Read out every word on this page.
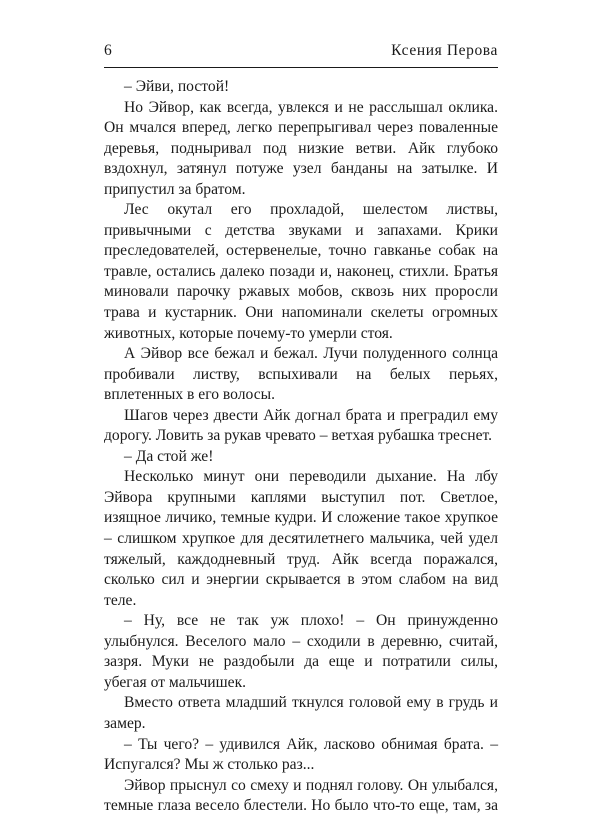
6	Ксения Перова

– Эйви, постой!

Но Эйвор, как всегда, увлекся и не расслышал оклика. Он мчался вперед, легко перепрыгивал через поваленные деревья, подныривал под низкие ветви. Айк глубоко вздохнул, затянул потуже узел банданы на затылке. И припустил за братом.

Лес окутал его прохладой, шелестом листвы, привычными с детства звуками и запахами. Крики преследователей, остервенелые, точно гавканье собак на травле, остались далеко позади и, наконец, стихли. Братья миновали парочку ржавых мобов, сквозь них проросли трава и кустарник. Они напоминали скелеты огромных животных, которые почему-то умерли стоя.

А Эйвор все бежал и бежал. Лучи полуденного солнца пробивали листву, вспыхивали на белых перьях, вплетенных в его волосы.

Шагов через двести Айк догнал брата и преградил ему дорогу. Ловить за рукав чревато – ветхая рубашка треснет.

– Да стой же!

Несколько минут они переводили дыхание. На лбу Эйвора крупными каплями выступил пот. Светлое, изящное личико, темные кудри. И сложение такое хрупкое – слишком хрупкое для десятилетнего мальчика, чей удел тяжелый, каждодневный труд. Айк всегда поражался, сколько сил и энергии скрывается в этом слабом на вид теле.

– Ну, все не так уж плохо! – Он принужденно улыбнулся. Веселого мало – сходили в деревню, считай, зазря. Муки не раздобыли да еще и потратили силы, убегая от мальчишек.

Вместо ответа младший ткнулся головой ему в грудь и замер.

– Ты чего? – удивился Айк, ласково обнимая брата. – Испугался? Мы ж столько раз...

Эйвор прыснул со смеху и поднял голову. Он улыбался, темные глаза весело блестели. Но было что-то еще, там, за
